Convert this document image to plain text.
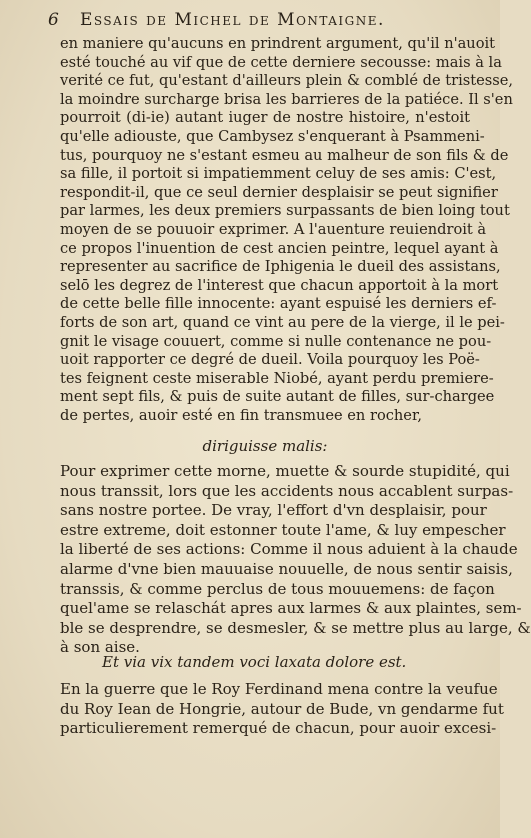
6 Essais de Michel de Montaigne.
en maniere qu'aucuns en prindrent argument, qu'il n'auoit
esté touché au vif que de cette derniere secousse: mais à la
verité ce fut, qu'estant d'ailleurs plein & comblé de tristesse,
la moindre surcharge brisa les barrieres de la patiéce. Il s'en
pourroit (di-ie) autant iuger de nostre histoire, n'estoit
qu'elle adiouste, que Cambysez s'enquerant à Psammeni-
tus, pourquoy ne s'estant esmeu au malheur de son fils & de
sa fille, il portoit si impatiemment celuy de ses amis: C'est,
respondit-il, que ce seul dernier desplaisir se peut signifier
par larmes, les deux premiers surpassants de bien loing tout
moyen de se pouuoir exprimer. A l'auenture reuiendroit à
ce propos l'inuention de cest ancien peintre, lequel ayant à
representer au sacrifice de Iphigenia le dueil des assistans,
selō les degrez de l'interest que chacun apportoit à la mort
de cette belle fille innocente: ayant espuisé les derniers ef-
forts de son art, quand ce vint au pere de la vierge, il le pei-
gnit le visage couuert, comme si nulle contenance ne pou-
uoit rapporter ce degré de dueil. Voila pourquoy les Poë-
tes feignent ceste miserable Niobé, ayant perdu premiere-
ment sept fils, & puis de suite autant de filles, sur-chargee
de pertes, auoir esté en fin transmuee en rocher,
diriguisse malis:
Pour exprimer cette morne, muette & sourde stupidité, qui
nous transsit, lors que les accidents nous accablent surpas-
sans nostre portee. De vray, l'effort d'vn desplaisir, pour
estre extreme, doit estonner toute l'ame, & luy empescher
la liberté de ses actions: Comme il nous aduient à la chaude
alarme d'vne bien mauuaise nouuelle, de nous sentir saisis,
transsis, & comme perclus de tous mouuemens: de façon
quel'ame se relaschát apres aux larmes & aux plaintes, sem-
ble se desprendre, se desmesler, & se mettre plus au large, &
à son aise.
Et via vix tandem voci laxata dolore est.
En la guerre que le Roy Ferdinand mena contre la veufue
du Roy Iean de Hongrie, autour de Bude, vn gendarme fut
particulierement remerqué de chacun, pour auoir excesi-
